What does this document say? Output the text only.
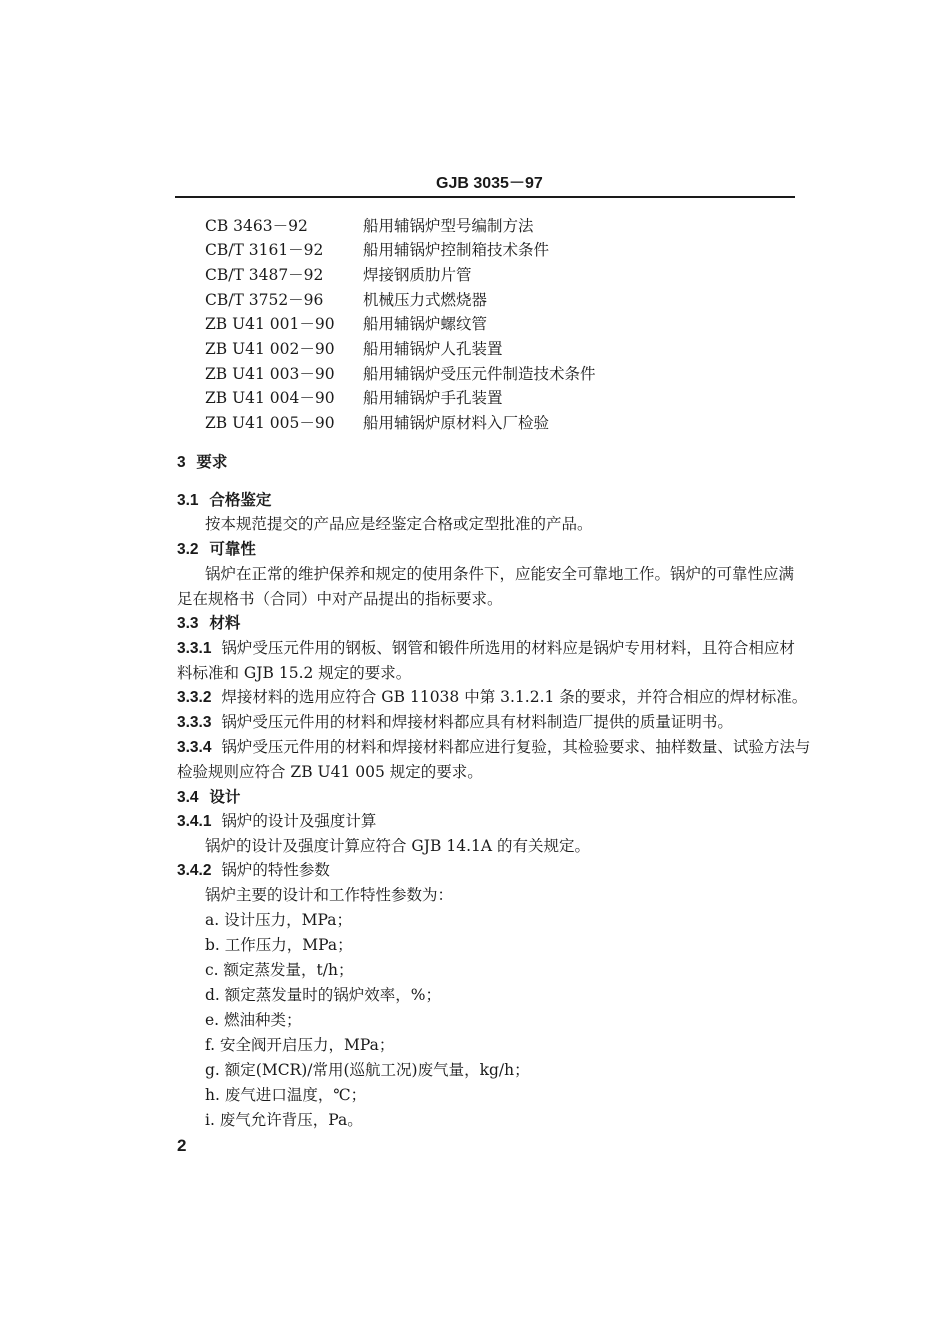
GJB 3035－97
CB 3463－92	船用辅锅炉型号编制方法
CB/T 3161－92	船用辅锅炉控制箱技术条件
CB/T 3487－92	焊接钢质肋片管
CB/T 3752－96	机械压力式燃烧器
ZB U41 001－90 船用辅锅炉螺纹管
ZB U41 002－90 船用辅锅炉人孔装置
ZB U41 003－90 船用辅锅炉受压元件制造技术条件
ZB U41 004－90 船用辅锅炉手孔装置
ZB U41 005－90 船用辅锅炉原材料入厂检验
3 要求
3.1 合格鉴定
按本规范提交的产品应是经鉴定合格或定型批准的产品。
3.2 可靠性
锅炉在正常的维护保养和规定的使用条件下，应能安全可靠地工作。锅炉的可靠性应满
足在规格书（合同）中对产品提出的指标要求。
3.3 材料
3.3.1 锅炉受压元件用的钢板、钢管和锻件所选用的材料应是锅炉专用材料，且符合相应材
料标准和 GJB 15.2 规定的要求。
3.3.2 焊接材料的选用应符合 GB 11038 中第 3.1.2.1 条的要求，并符合相应的焊材标准。
3.3.3 锅炉受压元件用的材料和焊接材料都应具有材料制造厂提供的质量证明书。
3.3.4 锅炉受压元件用的材料和焊接材料都应进行复验，其检验要求、抽样数量、试验方法与
检验规则应符合 ZB U41 005 规定的要求。
3.4 设计
3.4.1 锅炉的设计及强度计算
锅炉的设计及强度计算应符合 GJB 14.1A 的有关规定。
3.4.2 锅炉的特性参数
锅炉主要的设计和工作特性参数为：
a. 设计压力，MPa；
b. 工作压力，MPa；
c. 额定蒸发量，t/h；
d. 额定蒸发量时的锅炉效率，%；
e. 燃油种类；
f. 安全阀开启压力，MPa；
g. 额定(MCR)/常用(巡航工况)废气量，kg/h；
h. 废气进口温度，℃；
i. 废气允许背压，Pa。
2
